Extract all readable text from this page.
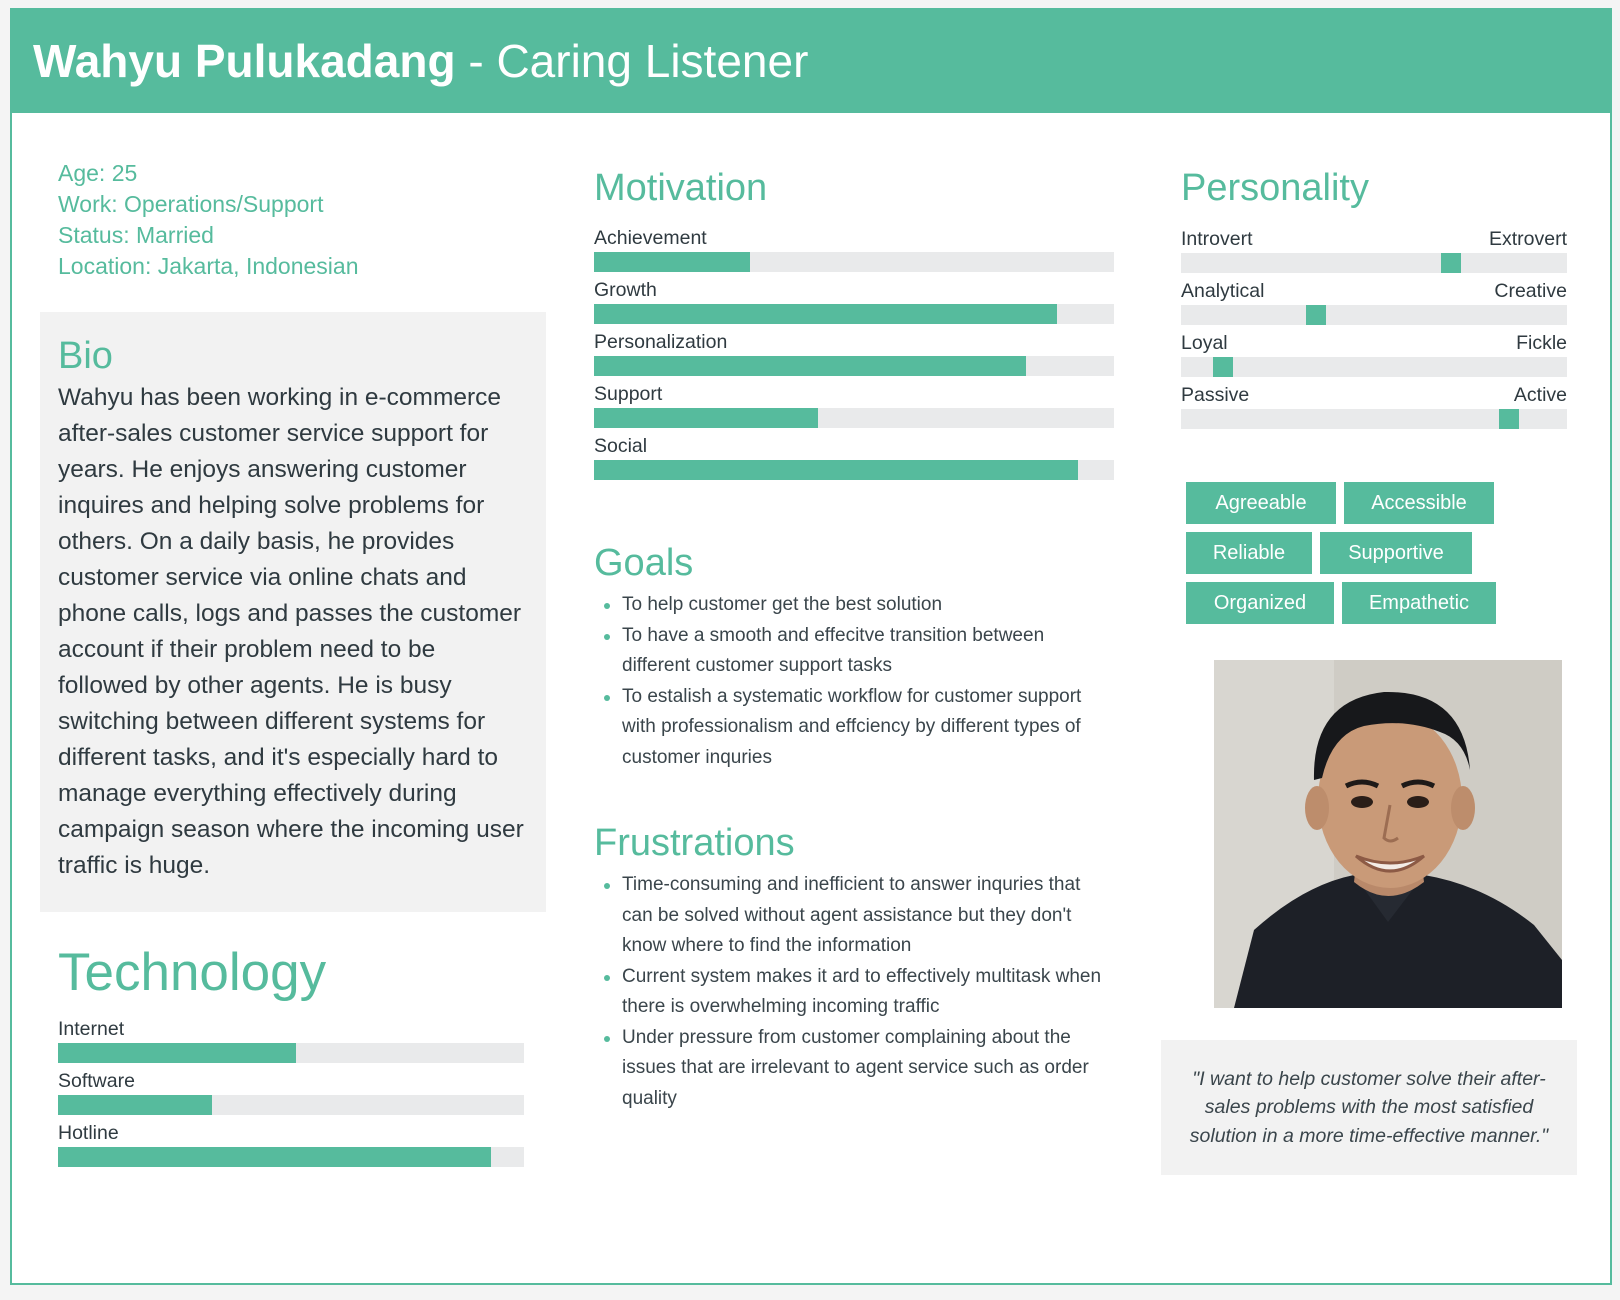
Wahyu Pulukadang - Caring Listener
Age: 25
Work: Operations/Support
Status: Married
Location: Jakarta, Indonesian
Bio

Wahyu has been working in e-commerce after-sales customer service support for years. He enjoys answering customer inquires and helping solve problems for others. On a daily basis, he provides customer service via online chats and phone calls, logs and passes the customer account if their problem need to be followed by other agents. He is busy switching between different systems for different tasks, and it's especially hard to manage everything effectively during campaign season where the incoming user traffic is huge.

Technology
Internet
Software
Hotline
Motivation
Achievement
Growth
Personalization
Support
Social
Goals
To help customer get the best solution
To have a smooth and effecitve transition between different customer support tasks
To estalish a systematic workflow for customer support with professionalism and effciency by different types of customer inquries
Frustrations
Time-consuming and inefficient to answer inquries that can be solved without agent assistance but they don't know where to find the information
Current system makes it ard to effectively multitask when there is overwhelming incoming traffic
Under pressure from customer complaining about the issues that are irrelevant to agent service such as order quality
Personality
Introvert	Extrovert
Analytical	Creative
Loyal	Fickle
Passive	Active
Agreeable	Accessible
Reliable	Supportive
Organized	Empathetic
"I want to help customer solve their after-sales problems with the most satisfied solution in a more time-effective manner."
